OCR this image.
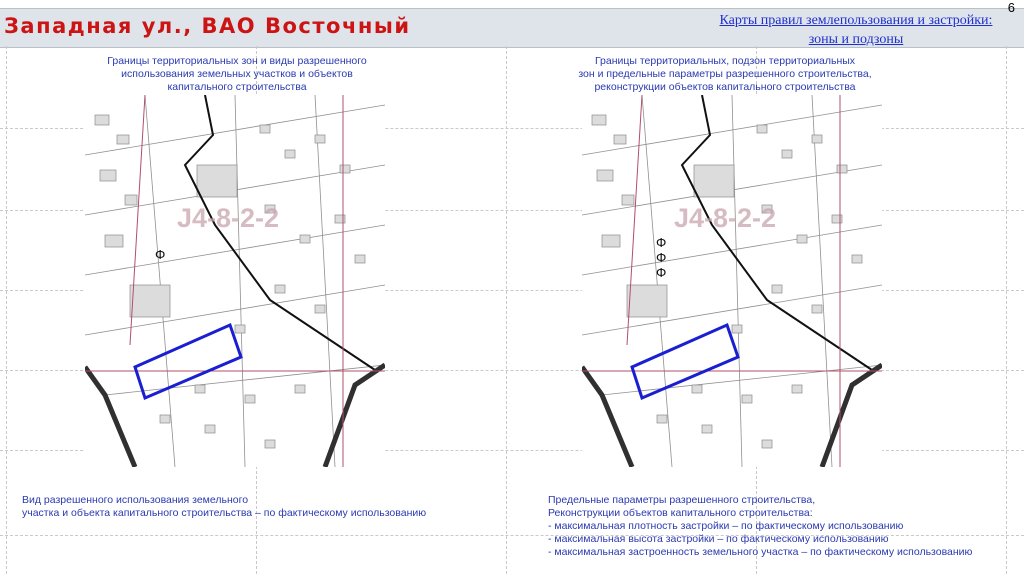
Западная ул., ВАО Восточный	Карты правил землепользования и застройки:
зоны и подзоны
6
Границы территориальных зон и виды разрешенного
использования земельных участков и объектов
капитального строительства
J4-8-2-2
Ф
Границы территориальных, подзон территориальных
зон и предельные параметры разрешенного строительства,
реконструкции объектов капитального строительства
J4-8-2-2
Ф
Ф
Ф
Вид разрешенного использования земельного
участка и объекта капитального строительства – по фактическому использованию
Предельные параметры разрешенного строительства,
Реконструкции объектов капитального строительства:
- максимальная плотность застройки – по фактическому использованию
- максимальная высота застройки – по фактическому использованию
- максимальная застроенность земельного участка – по фактическому использованию
